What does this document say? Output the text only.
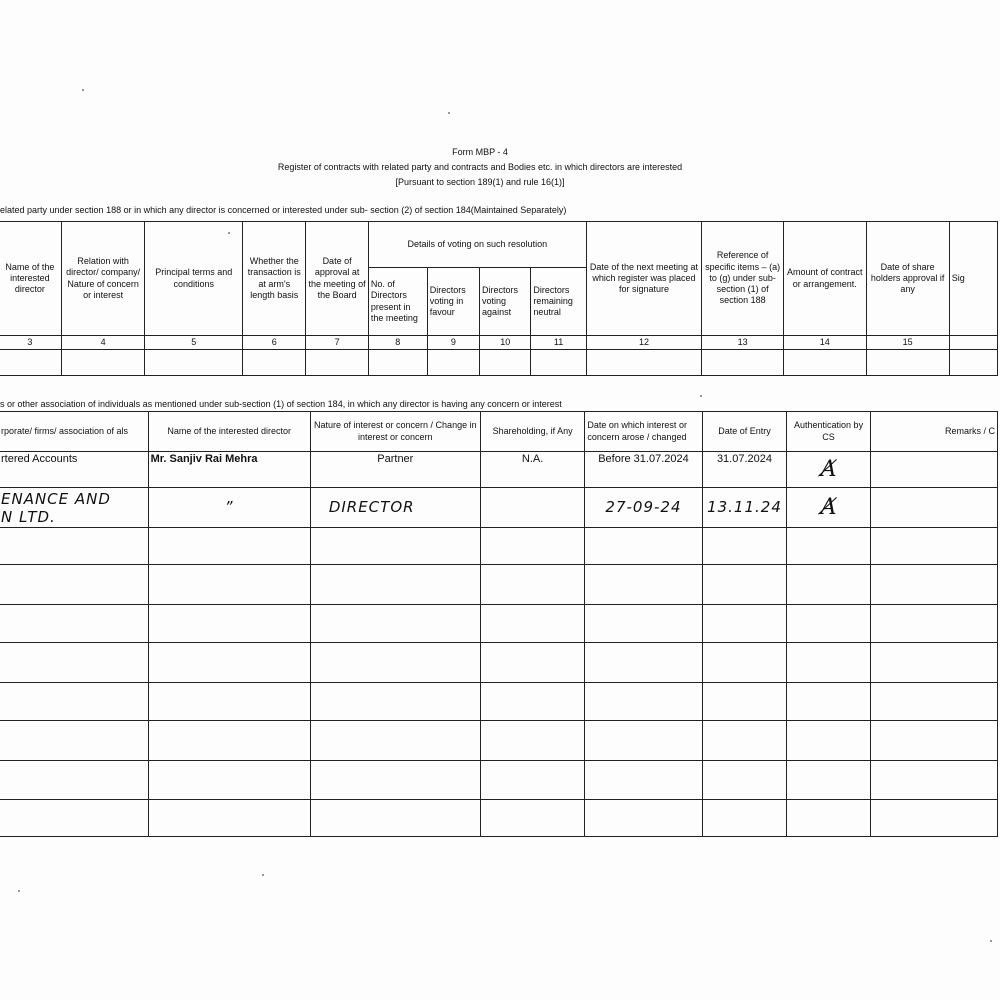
Form MBP - 4
Register of contracts with related party and contracts and Bodies etc. in which directors are interested
[Pursuant to section 189(1) and rule 16(1)]
elated party under section 188 or in which any director is concerned or interested under sub- section (2) of section 184(Maintained Separately)
Name of the interested director	Relation with director/ company/ Nature of concern or interest	Principal terms and conditions	Whether the transaction is at arm's length basis	Date of approval at the meeting of the Board	Details of voting on such resolution				Date of the next meeting at which register was placed for signature	Reference of specific items – (a) to (g) under sub-section (1) of section 188	Amount of contract or arrangement.	Date of share holders approval if any	Sig
					No. of Directors present in the meeting	Directors voting in favour	Directors voting against	Directors remaining neutral					
3	4	5	6	7	8	9	10	11	12	13	14	15	

s or other association of individuals as mentioned under sub-section (1) of section 184, in which any director is having any concern or interest
rporate/ firms/ association of als	Name of the interested director	Nature of interest or concern / Change in interest or concern	Shareholding, if Any	Date on which interest or concern arose / changed	Date of Entry	Authentication by CS	Remarks / C
rtered Accounts	Mr. Sanjiv Rai Mehra	Partner	N.A.	Before 31.07.2024	31.07.2024	A̸	

ENANCE AND
N LTD.	”	DIRECTOR		27-09-24	13.11.24	A̸	
